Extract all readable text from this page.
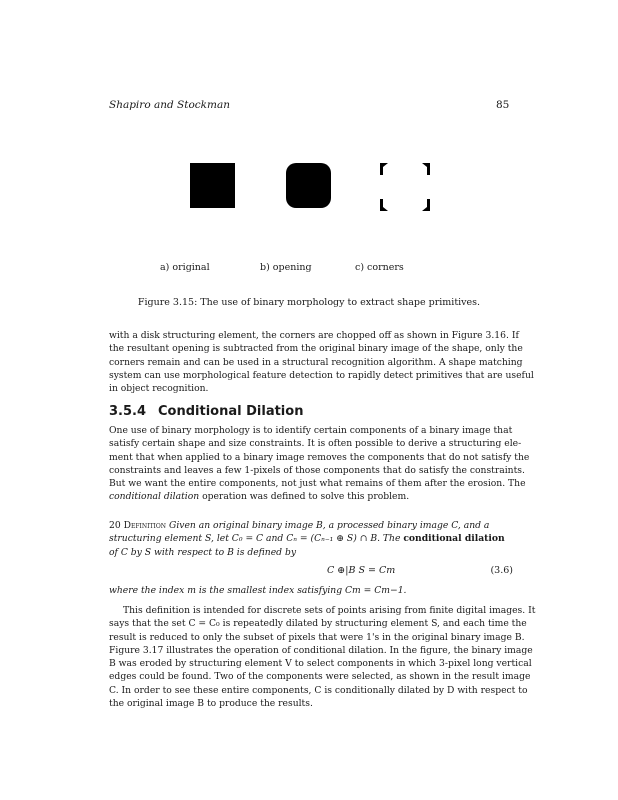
Shapiro and Stockman	85
a) original	b) opening	c) corners
Figure 3.15: The use of binary morphology to extract shape primitives.
with a disk structuring element, the corners are chopped off as shown in Figure 3.16. If
the resultant opening is subtracted from the original binary image of the shape, only the
corners remain and can be used in a structural recognition algorithm. A shape matching
system can use morphological feature detection to rapidly detect primitives that are useful
in object recognition.
3.5.4 Conditional Dilation
One use of binary morphology is to identify certain components of a binary image that
satisfy certain shape and size constraints. It is often possible to derive a structuring ele-
ment that when applied to a binary image removes the components that do not satisfy the
constraints and leaves a few 1-pixels of those components that do satisfy the constraints.
But we want the entire components, not just what remains of them after the erosion. The
conditional dilation operation was defined to solve this problem.
20 Definition Given an original binary image B, a processed binary image C, and a
structuring element S, let C₀ = C and Cₙ = (Cₙ₋₁ ⊕ S) ∩ B. The conditional dilation
of C by S with respect to B is defined by
C ⊕|B S = Cm	(3.6)
where the index m is the smallest index satisfying Cm = Cm−1.
This definition is intended for discrete sets of points arising from finite digital images. It
says that the set C = C₀ is repeatedly dilated by structuring element S, and each time the
result is reduced to only the subset of pixels that were 1's in the original binary image B.
Figure 3.17 illustrates the operation of conditional dilation. In the figure, the binary image
B was eroded by structuring element V to select components in which 3-pixel long vertical
edges could be found. Two of the components were selected, as shown in the result image
C. In order to see these entire components, C is conditionally dilated by D with respect to
the original image B to produce the results.
